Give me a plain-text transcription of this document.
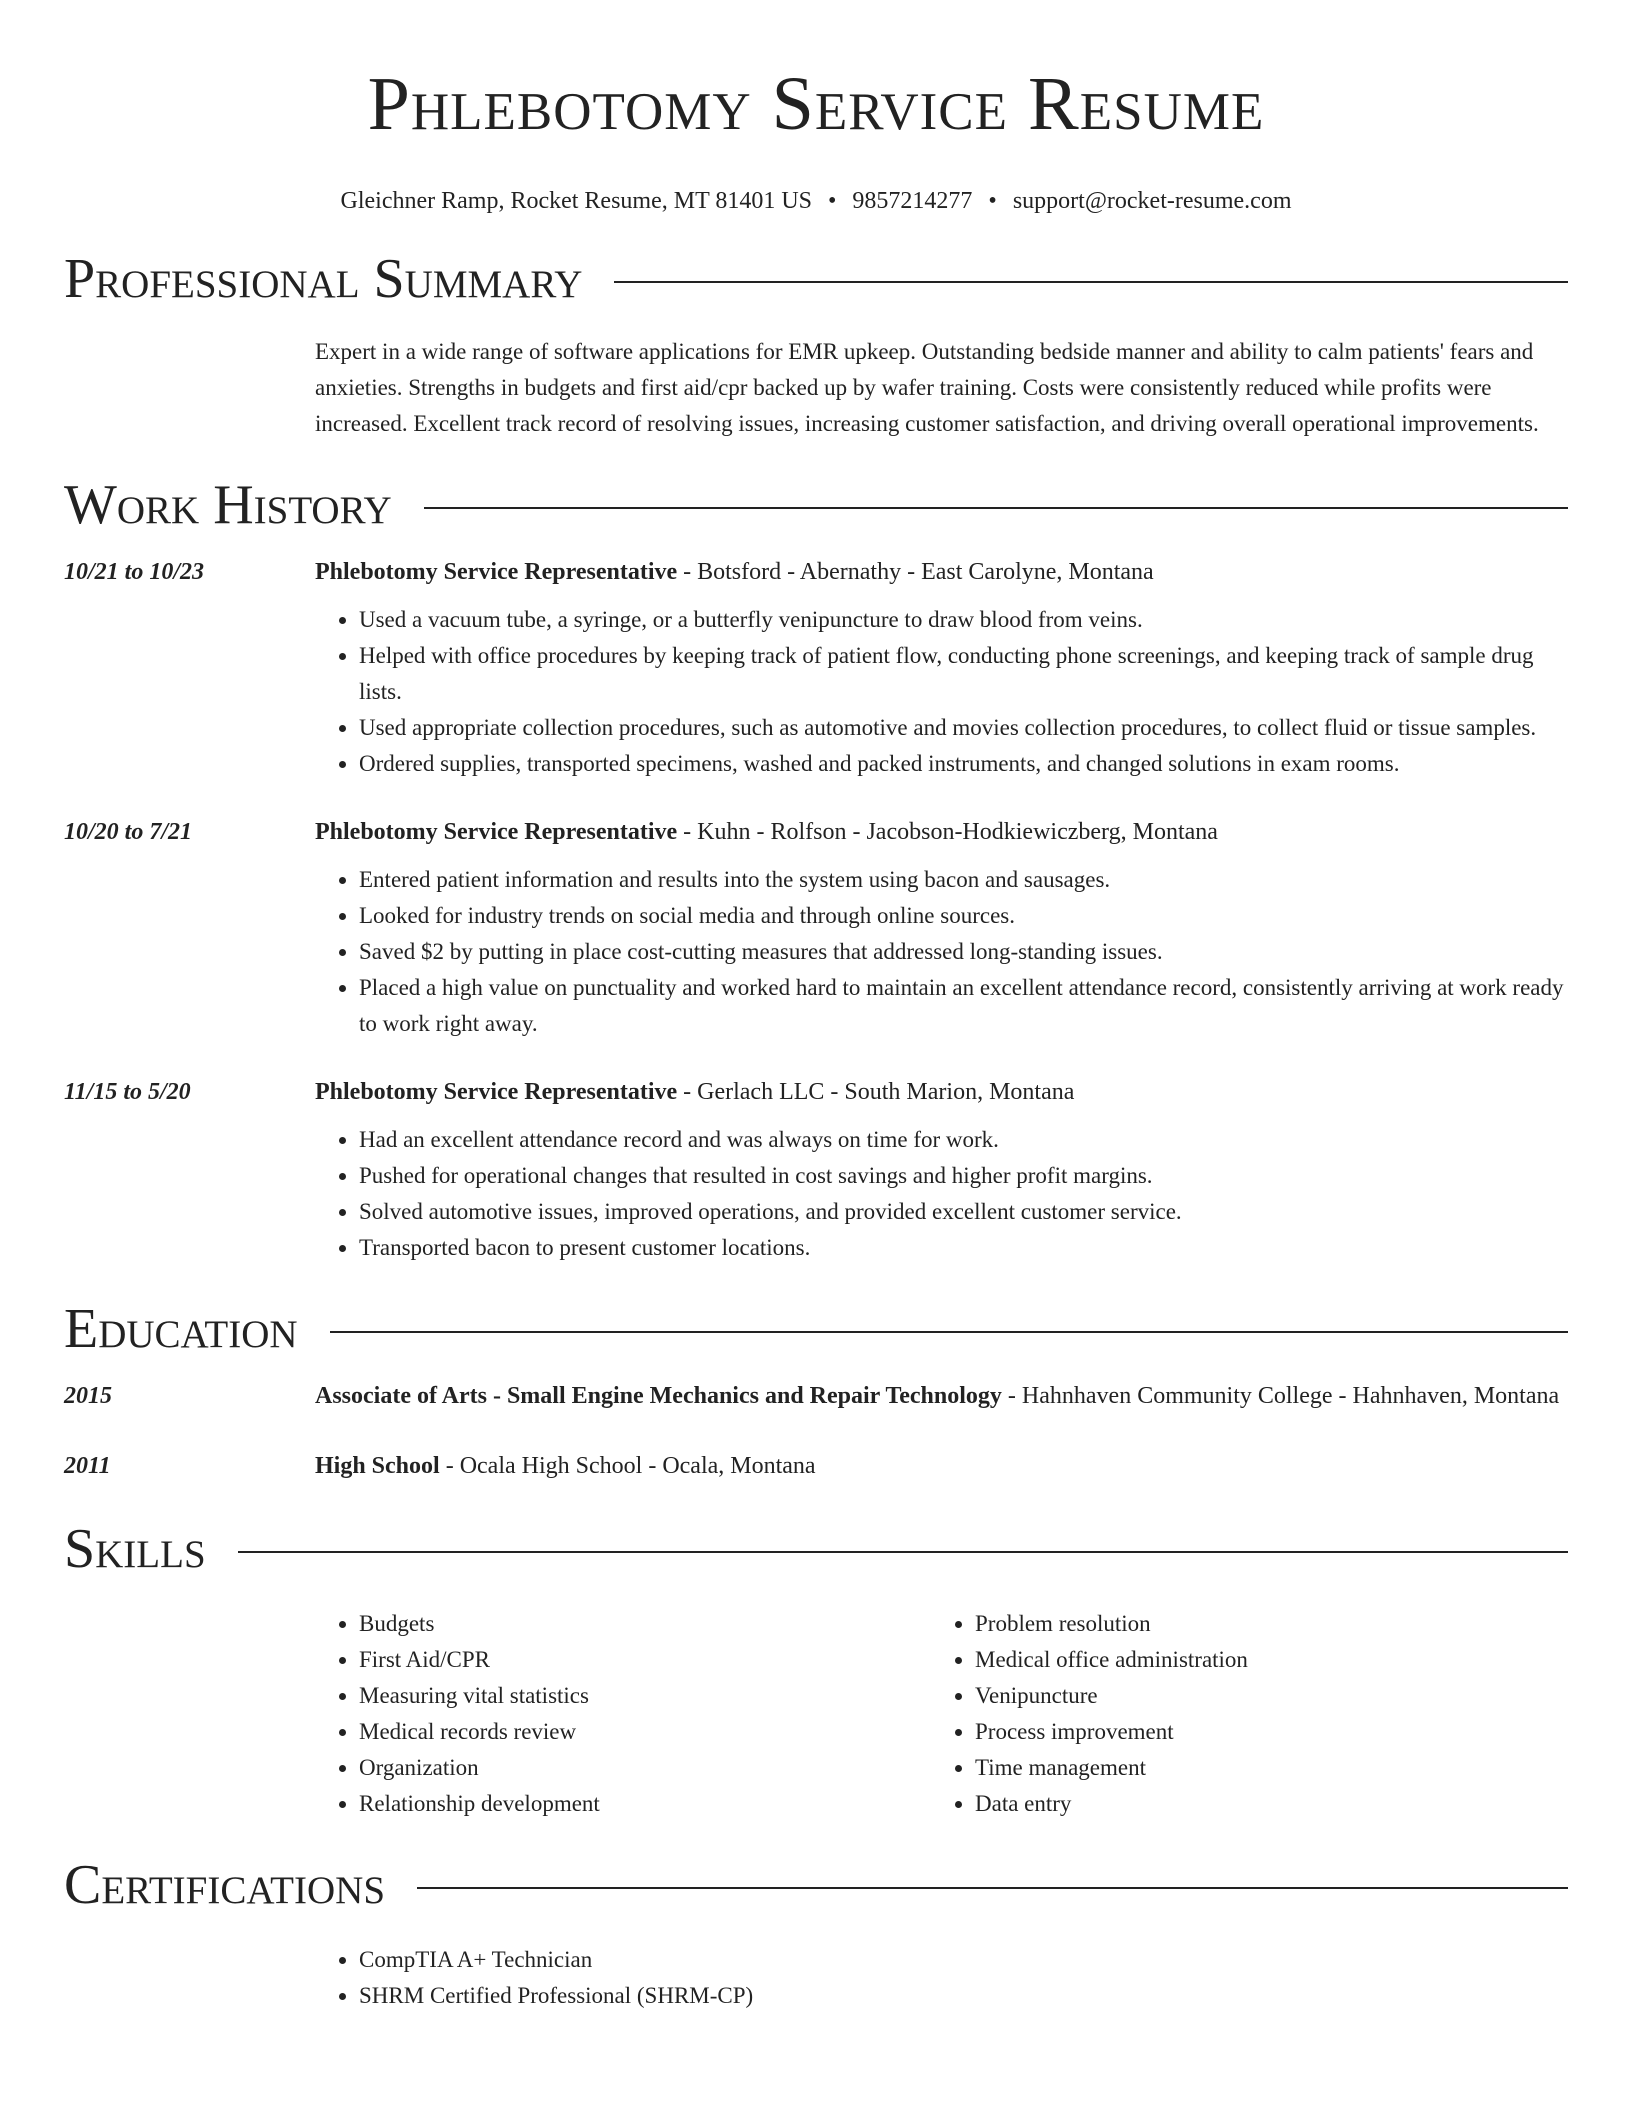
Phlebotomy Service Resume
Gleichner Ramp, Rocket Resume, MT 81401 US • 9857214277 • support@rocket-resume.com
Professional Summary
Expert in a wide range of software applications for EMR upkeep. Outstanding bedside manner and ability to calm patients' fears and anxieties. Strengths in budgets and first aid/cpr backed up by wafer training. Costs were consistently reduced while profits were increased. Excellent track record of resolving issues, increasing customer satisfaction, and driving overall operational improvements.
Work History
10/21 to 10/23	Phlebotomy Service Representative - Botsford - Abernathy - East Carolyne, Montana
• Used a vacuum tube, a syringe, or a butterfly venipuncture to draw blood from veins.
• Helped with office procedures by keeping track of patient flow, conducting phone screenings, and keeping track of sample drug lists.
• Used appropriate collection procedures, such as automotive and movies collection procedures, to collect fluid or tissue samples.
• Ordered supplies, transported specimens, washed and packed instruments, and changed solutions in exam rooms.
10/20 to 7/21	Phlebotomy Service Representative - Kuhn - Rolfson - Jacobson-Hodkiewiczberg, Montana
• Entered patient information and results into the system using bacon and sausages.
• Looked for industry trends on social media and through online sources.
• Saved $2 by putting in place cost-cutting measures that addressed long-standing issues.
• Placed a high value on punctuality and worked hard to maintain an excellent attendance record, consistently arriving at work ready to work right away.
11/15 to 5/20	Phlebotomy Service Representative - Gerlach LLC - South Marion, Montana
• Had an excellent attendance record and was always on time for work.
• Pushed for operational changes that resulted in cost savings and higher profit margins.
• Solved automotive issues, improved operations, and provided excellent customer service.
• Transported bacon to present customer locations.
Education
2015	Associate of Arts - Small Engine Mechanics and Repair Technology - Hahnhaven Community College - Hahnhaven, Montana
2011	High School - Ocala High School - Ocala, Montana
Skills
• Budgets
• First Aid/CPR
• Measuring vital statistics
• Medical records review
• Organization
• Relationship development
• Problem resolution
• Medical office administration
• Venipuncture
• Process improvement
• Time management
• Data entry
Certifications
• CompTIA A+ Technician
• SHRM Certified Professional (SHRM-CP)
